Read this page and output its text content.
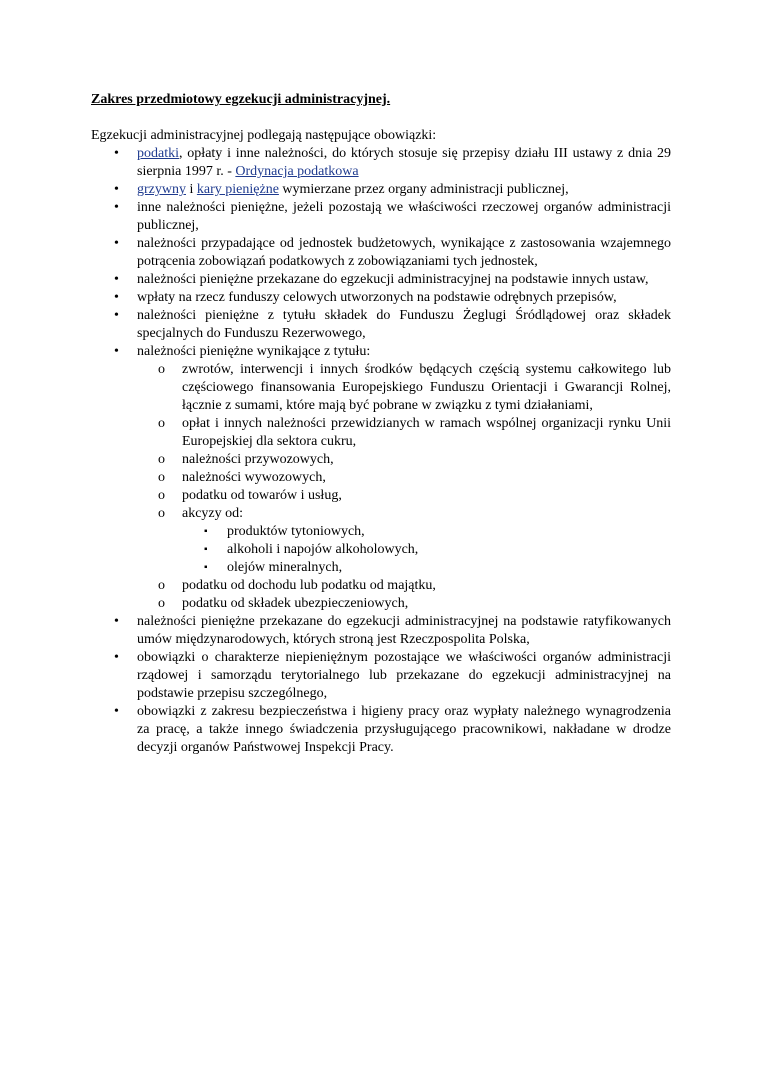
Zakres przedmiotowy egzekucji administracyjnej.

Egzekucji administracyjnej podlegają następujące obowiązki:

• podatki, opłaty i inne należności, do których stosuje się przepisy działu III ustawy z dnia 29 sierpnia 1997 r. - Ordynacja podatkowa
• grzywny i kary pieniężne wymierzane przez organy administracji publicznej,
• inne należności pieniężne, jeżeli pozostają we właściwości rzeczowej organów administracji publicznej,
• należności przypadające od jednostek budżetowych, wynikające z zastosowania wzajemnego potrącenia zobowiązań podatkowych z zobowiązaniami tych jednostek,
• należności pieniężne przekazane do egzekucji administracyjnej na podstawie innych ustaw,
• wpłaty na rzecz funduszy celowych utworzonych na podstawie odrębnych przepisów,
• należności pieniężne z tytułu składek do Funduszu Żeglugi Śródlądowej oraz składek specjalnych do Funduszu Rezerwowego,
• należności pieniężne wynikające z tytułu:
o zwrotów, interwencji i innych środków będących częścią systemu całkowitego lub częściowego finansowania Europejskiego Funduszu Orientacji i Gwarancji Rolnej, łącznie z sumami, które mają być pobrane w związku z tymi działaniami,
o opłat i innych należności przewidzianych w ramach wspólnej organizacji rynku Unii Europejskiej dla sektora cukru,
o należności przywozowych,
o należności wywozowych,
o podatku od towarów i usług,
o akcyzy od:
▪ produktów tytoniowych,
▪ alkoholi i napojów alkoholowych,
▪ olejów mineralnych,
o podatku od dochodu lub podatku od majątku,
o podatku od składek ubezpieczeniowych,
• należności pieniężne przekazane do egzekucji administracyjnej na podstawie ratyfikowanych umów międzynarodowych, których stroną jest Rzeczpospolita Polska,
• obowiązki o charakterze niepieniężnym pozostające we właściwości organów administracji rządowej i samorządu terytorialnego lub przekazane do egzekucji administracyjnej na podstawie przepisu szczególnego,
• obowiązki z zakresu bezpieczeństwa i higieny pracy oraz wypłaty należnego wynagrodzenia za pracę, a także innego świadczenia przysługującego pracownikowi, nakładane w drodze decyzji organów Państwowej Inspekcji Pracy.
